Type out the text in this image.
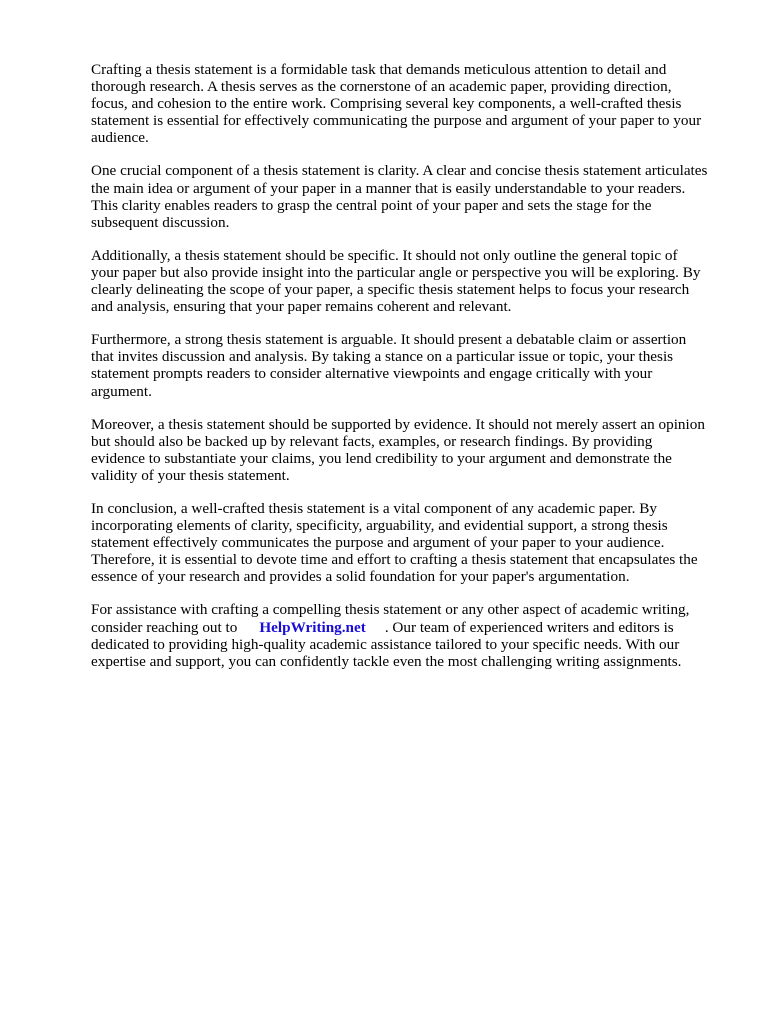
Crafting a thesis statement is a formidable task that demands meticulous attention to detail and
thorough research. A thesis serves as the cornerstone of an academic paper, providing direction,
focus, and cohesion to the entire work. Comprising several key components, a well-crafted thesis
statement is essential for effectively communicating the purpose and argument of your paper to your
audience.

One crucial component of a thesis statement is clarity. A clear and concise thesis statement articulates
the main idea or argument of your paper in a manner that is easily understandable to your readers.
This clarity enables readers to grasp the central point of your paper and sets the stage for the
subsequent discussion.

Additionally, a thesis statement should be specific. It should not only outline the general topic of
your paper but also provide insight into the particular angle or perspective you will be exploring. By
clearly delineating the scope of your paper, a specific thesis statement helps to focus your research
and analysis, ensuring that your paper remains coherent and relevant.

Furthermore, a strong thesis statement is arguable. It should present a debatable claim or assertion
that invites discussion and analysis. By taking a stance on a particular issue or topic, your thesis
statement prompts readers to consider alternative viewpoints and engage critically with your
argument.

Moreover, a thesis statement should be supported by evidence. It should not merely assert an opinion
but should also be backed up by relevant facts, examples, or research findings. By providing
evidence to substantiate your claims, you lend credibility to your argument and demonstrate the
validity of your thesis statement.

In conclusion, a well-crafted thesis statement is a vital component of any academic paper. By
incorporating elements of clarity, specificity, arguability, and evidential support, a strong thesis
statement effectively communicates the purpose and argument of your paper to your audience.
Therefore, it is essential to devote time and effort to crafting a thesis statement that encapsulates the
essence of your research and provides a solid foundation for your paper's argumentation.

For assistance with crafting a compelling thesis statement or any other aspect of academic writing,
consider reaching out to HelpWriting.net . Our team of experienced writers and editors is
dedicated to providing high-quality academic assistance tailored to your specific needs. With our
expertise and support, you can confidently tackle even the most challenging writing assignments.
